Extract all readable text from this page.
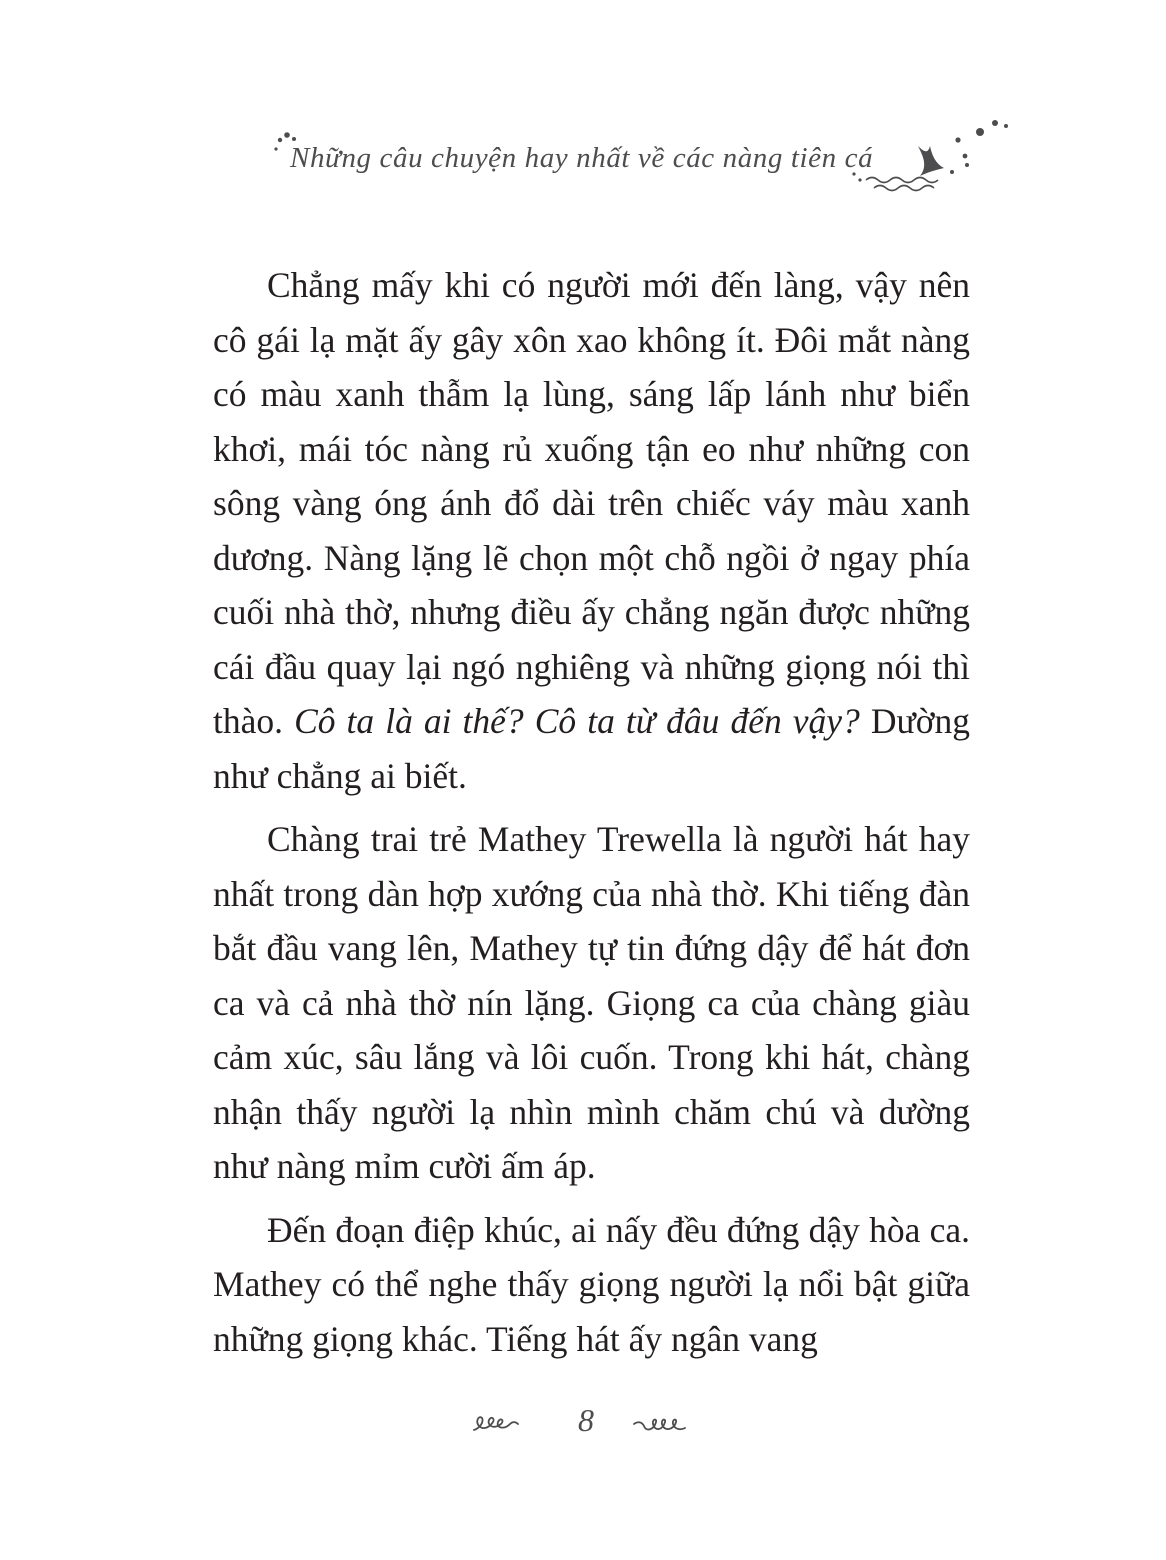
Những câu chuyện hay nhất về các nàng tiên cá

Chẳng mấy khi có người mới đến làng, vậy nên cô gái lạ mặt ấy gây xôn xao không ít. Đôi mắt nàng có màu xanh thẫm lạ lùng, sáng lấp lánh như biển khơi, mái tóc nàng rủ xuống tận eo như những con sông vàng óng ánh đổ dài trên chiếc váy màu xanh dương. Nàng lặng lẽ chọn một chỗ ngồi ở ngay phía cuối nhà thờ, nhưng điều ấy chẳng ngăn được những cái đầu quay lại ngó nghiêng và những giọng nói thì thào. Cô ta là ai thế? Cô ta từ đâu đến vậy? Dường như chẳng ai biết.

Chàng trai trẻ Mathey Trewella là người hát hay nhất trong dàn hợp xướng của nhà thờ. Khi tiếng đàn bắt đầu vang lên, Mathey tự tin đứng dậy để hát đơn ca và cả nhà thờ nín lặng. Giọng ca của chàng giàu cảm xúc, sâu lắng và lôi cuốn. Trong khi hát, chàng nhận thấy người lạ nhìn mình chăm chú và dường như nàng mỉm cười ấm áp.

Đến đoạn điệp khúc, ai nấy đều đứng dậy hòa ca. Mathey có thể nghe thấy giọng người lạ nổi bật giữa những giọng khác. Tiếng hát ấy ngân vang

8
